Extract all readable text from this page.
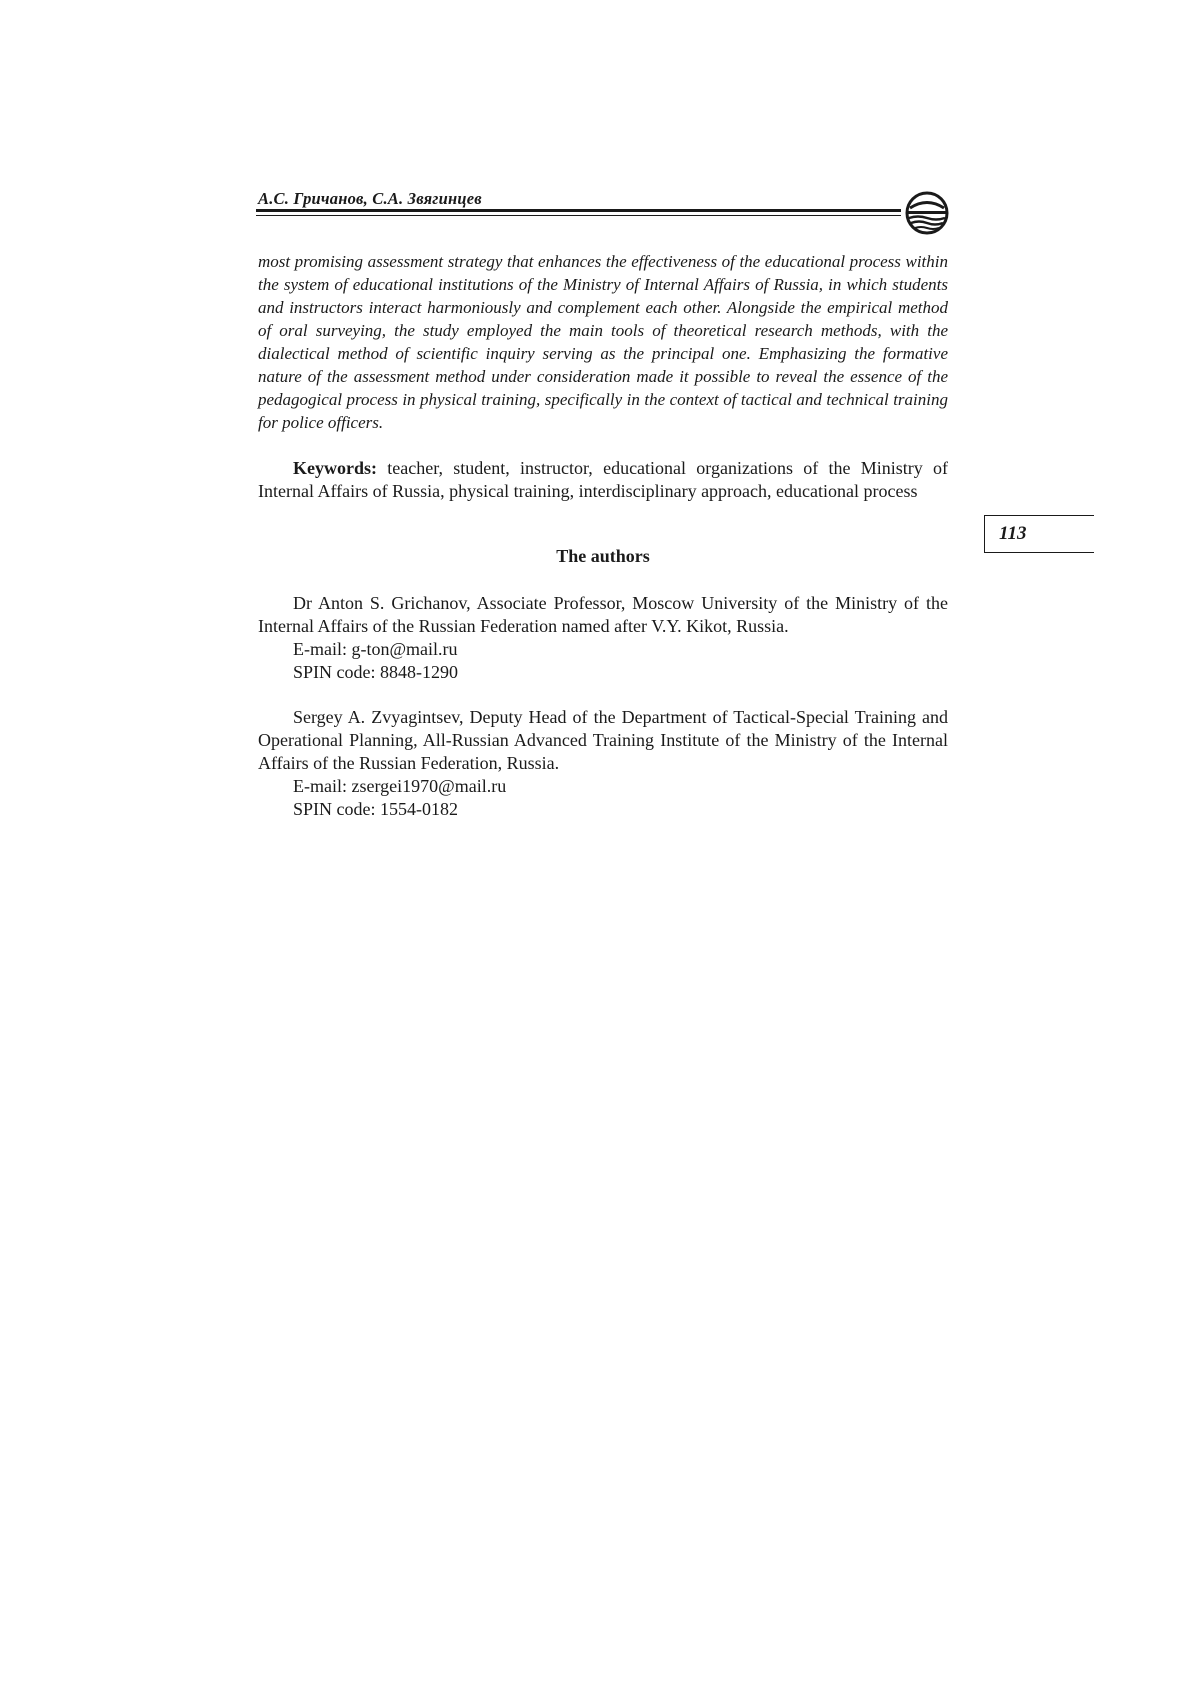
А.С. Гричанов, С.А. Звягинцев

most promising assessment strategy that enhances the effectiveness of the educational process within the system of educational institutions of the Ministry of Internal Affairs of Russia, in which students and instructors interact harmoniously and complement each other. Alongside the empirical method of oral surveying, the study employed the main tools of theoretical research methods, with the dialectical method of scientific inquiry serving as the principal one. Emphasizing the formative nature of the assessment method under consideration made it possible to reveal the essence of the pedagogical process in physical training, specifically in the context of tactical and technical training for police officers.

Keywords: teacher, student, instructor, educational organizations of the Ministry of Internal Affairs of Russia, physical training, interdisciplinary approach, educational process

113
The authors

Dr Anton S. Grichanov, Associate Professor, Moscow University of the Ministry of the Internal Affairs of the Russian Federation named after V.Y. Kikot, Russia.

E-mail: g-ton@mail.ru
SPIN code: 8848-1290

Sergey A. Zvyagintsev, Deputy Head of the Department of Tactical-Special Training and Operational Planning, All-Russian Advanced Training Institute of the Ministry of the Internal Affairs of the Russian Federation, Russia.

E-mail: zsergei1970@mail.ru
SPIN code: 1554-0182
